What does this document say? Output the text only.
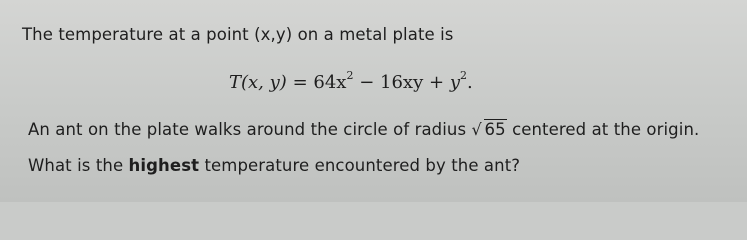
The temperature at a point (x,y) on a metal plate is
T(x, $y) = 64x^2 - 16xy + y^2$.
An ant on the plate walks around the circle of radius √ 65 centered at the origin.
What is the highest temperature encountered by the ant?
